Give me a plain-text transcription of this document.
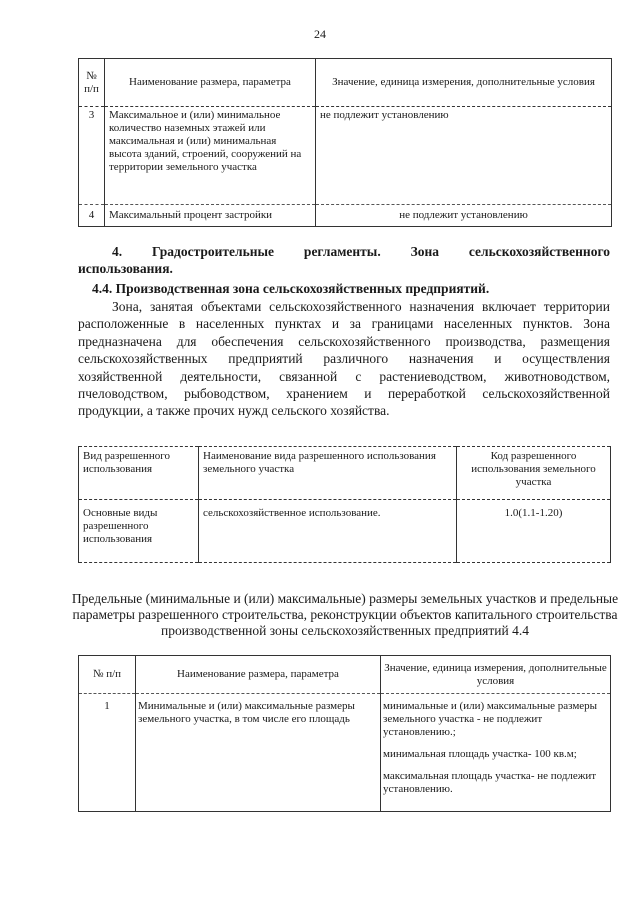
24
№ п/п	Наименование размера, параметра	Значение, единица измерения, дополнительные условия
3	Максимальное и (или) минимальное количество наземных этажей или максимальная и (или) минимальная высота зданий, строений, сооружений на территории земельного участка	не подлежит установлению
4	Максимальный процент застройки	не подлежит установлению
4. Градостроительные регламенты. Зона сельскохозяйственного
использования.
4.4. Производственная зона сельскохозяйственных предприятий.
Зона, занятая объектами сельскохозяйственного назначения включает территории расположенные в населенных пунктах и за границами населенных пунктов. Зона предназначена для обеспечения сельскохозяйственного производства, размещения сельскохозяйственных предприятий различного назначения и осуществления хозяйственной деятельности, связанной с растениеводством, животноводством, пчеловодством, рыбоводством, хранением и переработкой сельскохозяйственной продукции, а также прочих нужд сельского хозяйства.
Вид разрешенного использования	Наименование вида разрешенного использования земельного участка	Код разрешенного использования земельного участка
Основные виды разрешенного использования	сельскохозяйственное использование.	1.0(1.1-1.20)
Предельные (минимальные и (или) максимальные) размеры земельных участков и предельные параметры разрешенного строительства, реконструкции объектов капитального строительства производственной зоны сельскохозяйственных предприятий 4.4
№ п/п	Наименование размера, параметра	Значение, единица измерения, дополнительные условия
1	Минимальные и (или) максимальные размеры земельного участка, в том числе его площадь	минимальные и (или) максимальные размеры земельного участка - не подлежит установлению.;
минимальная площадь участка- 100 кв.м;
максимальная площадь участка- не подлежит установлению.
